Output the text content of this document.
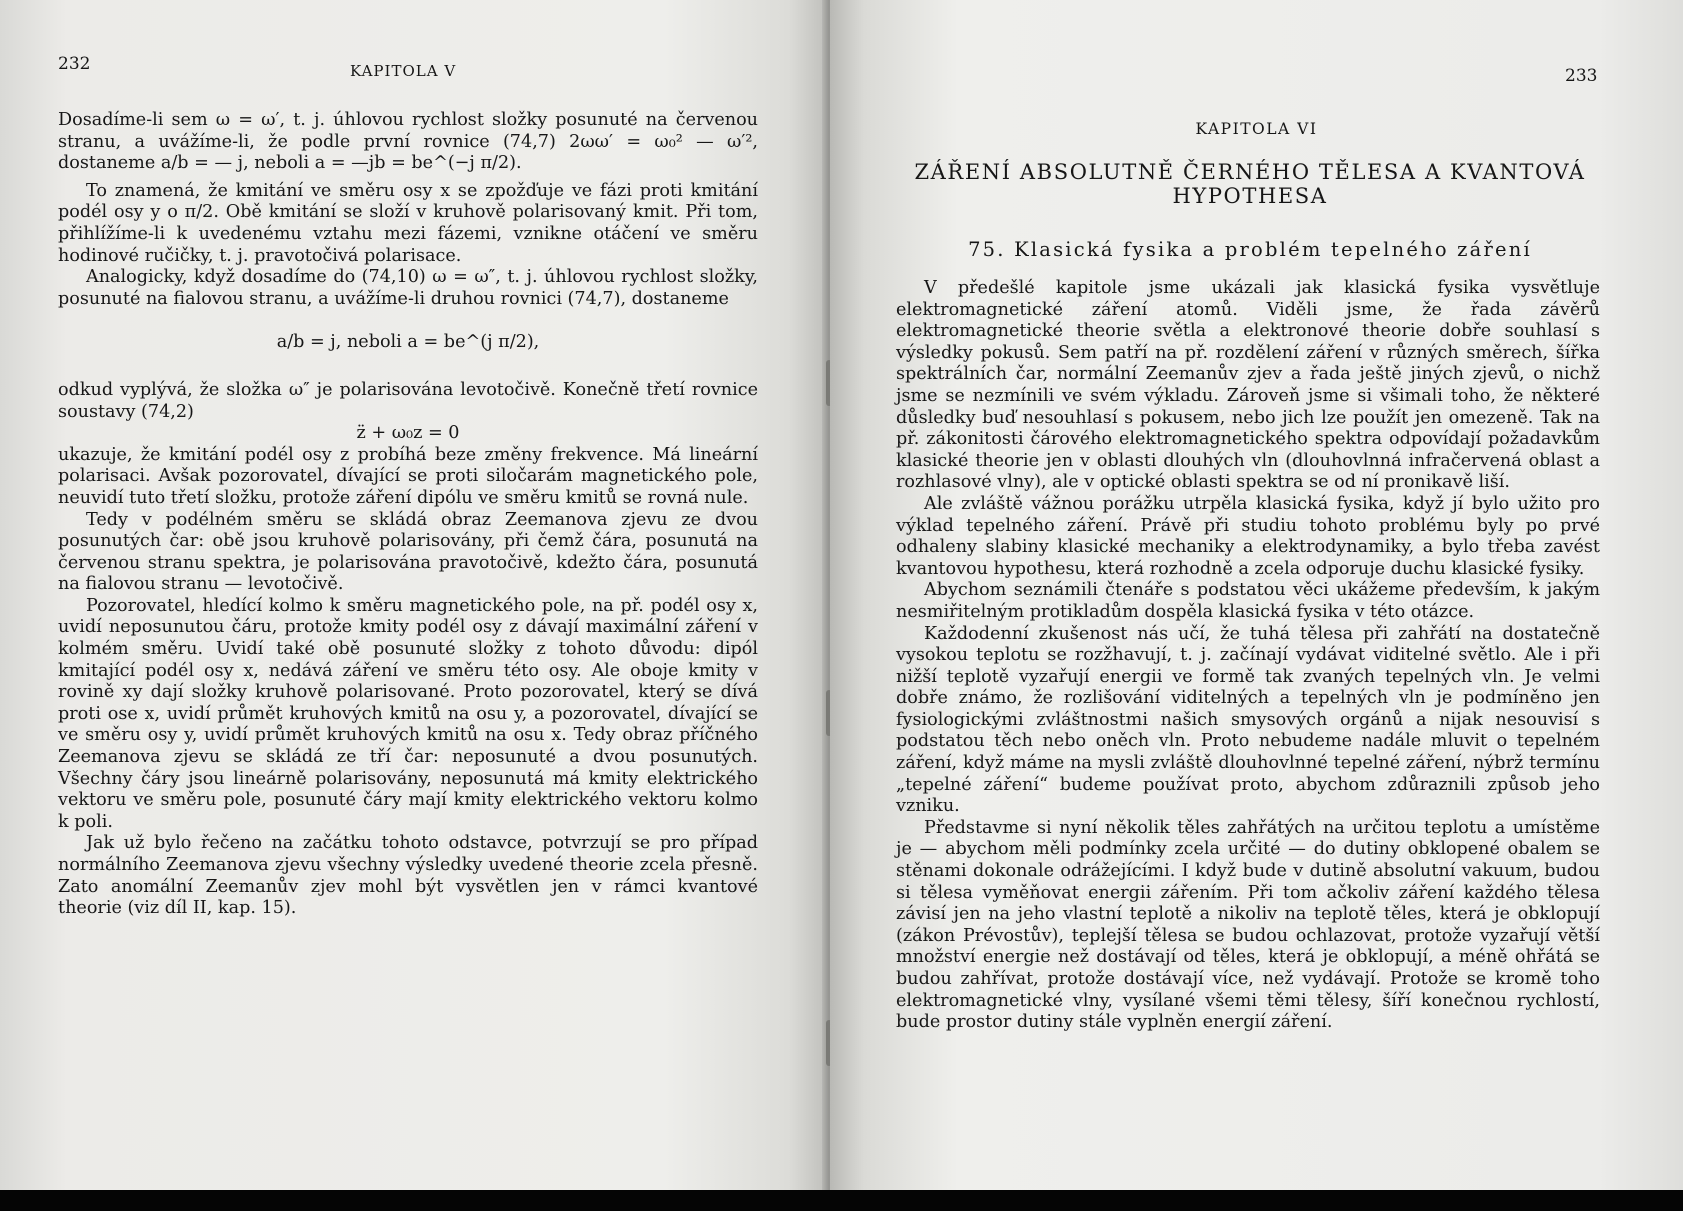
232	KAPITOLA V

Dosadíme-li sem ω = ω′, t. j. úhlovou rychlost složky posunuté na červenou stranu, a uvážíme-li, že podle první rovnice (74,7) 2ωω′ = ω₀² — ω′², dostaneme a/b = — j, neboli a = —jb = be^(−j π/2).

To znamená, že kmitání ve směru osy x se zpožďuje ve fázi proti kmitání podél osy y o π/2. Obě kmitání se složí v kruhově polarisovaný kmit. Při tom, přihlížíme-li k uvedenému vztahu mezi fázemi, vznikne otáčení ve směru hodinové ručičky, t. j. pravotočivá polarisace.

Analogicky, když dosadíme do (74,10) ω = ω″, t. j. úhlovou rychlost složky, posunuté na fialovou stranu, a uvážíme-li druhou rovnici (74,7), dostaneme

a/b = j, neboli a = be^(j π/2),

odkud vyplývá, že složka ω″ je polarisována levotočivě. Konečně třetí rovnice soustavy (74,2)

z̈ + ω₀z = 0

ukazuje, že kmitání podél osy z probíhá beze změny frekvence. Má lineární polarisaci. Avšak pozorovatel, dívající se proti siločarám magnetického pole, neuvidí tuto třetí složku, protože záření dipólu ve směru kmitů se rovná nule.

Tedy v podélném směru se skládá obraz Zeemanova zjevu ze dvou posunutých čar: obě jsou kruhově polarisovány, při čemž čára, posunutá na červenou stranu spektra, je polarisována pravotočivě, kdežto čára, posunutá na fialovou stranu — levotočivě.

Pozorovatel, hledící kolmo k směru magnetického pole, na př. podél osy x, uvidí neposunutou čáru, protože kmity podél osy z dávají maximální záření v kolmém směru. Uvidí také obě posunuté složky z tohoto důvodu: dipól kmitající podél osy x, nedává záření ve směru této osy. Ale oboje kmity v rovině xy dají složky kruhově polarisované. Proto pozorovatel, který se dívá proti ose x, uvidí průmět kruhových kmitů na osu y, a pozorovatel, dívající se ve směru osy y, uvidí průmět kruhových kmitů na osu x. Tedy obraz příčného Zeemanova zjevu se skládá ze tří čar: neposunuté a dvou posunutých. Všechny čáry jsou lineárně polarisovány, neposunutá má kmity elektrického vektoru ve směru pole, posunuté čáry mají kmity elektrického vektoru kolmo k poli.

Jak už bylo řečeno na začátku tohoto odstavce, potvrzují se pro případ normálního Zeemanova zjevu všechny výsledky uvedené theorie zcela přesně. Zato anomální Zeemanův zjev mohl být vysvětlen jen v rámci kvantové theorie (viz díl II, kap. 15).

233
KAPITOLA VI
ZÁŘENÍ ABSOLUTNĚ ČERNÉHO TĚLESA A KVANTOVÁ
HYPOTHESA
75. Klasická fysika a problém tepelného záření

V předešlé kapitole jsme ukázali jak klasická fysika vysvětluje elektromagnetické záření atomů. Viděli jsme, že řada závěrů elektromagnetické theorie světla a elektronové theorie dobře souhlasí s výsledky pokusů. Sem patří na př. rozdělení záření v různých směrech, šířka spektrálních čar, normální Zeemanův zjev a řada ještě jiných zjevů, o nichž jsme se nezmínili ve svém výkladu. Zároveň jsme si všimali toho, že některé důsledky buď nesouhlasí s pokusem, nebo jich lze použít jen omezeně. Tak na př. zákonitosti čárového elektromagnetického spektra odpovídají požadavkům klasické theorie jen v oblasti dlouhých vln (dlouhovlnná infračervená oblast a rozhlasové vlny), ale v optické oblasti spektra se od ní pronikavě liší.

Ale zvláště vážnou porážku utrpěla klasická fysika, když jí bylo užito pro výklad tepelného záření. Právě při studiu tohoto problému byly po prvé odhaleny slabiny klasické mechaniky a elektrodynamiky, a bylo třeba zavést kvantovou hypothesu, která rozhodně a zcela odporuje duchu klasické fysiky.

Abychom seznámili čtenáře s podstatou věci ukážeme především, k jakým nesmiřitelným protikladům dospěla klasická fysika v této otázce.

Každodenní zkušenost nás učí, že tuhá tělesa při zahřátí na dostatečně vysokou teplotu se rozžhavují, t. j. začínají vydávat viditelné světlo. Ale i při nižší teplotě vyzařují energii ve formě tak zvaných tepelných vln. Je velmi dobře známo, že rozlišování viditelných a tepelných vln je podmíněno jen fysiologickými zvláštnostmi našich smysových orgánů a nijak nesouvisí s podstatou těch nebo oněch vln. Proto nebudeme nadále mluvit o tepelném záření, když máme na mysli zvláště dlouhovlnné tepelné záření, nýbrž termínu „tepelné záření“ budeme používat proto, abychom zdůraznili způsob jeho vzniku.

Představme si nyní několik těles zahřátých na určitou teplotu a umístěme je — abychom měli podmínky zcela určité — do dutiny obklopené obalem se stěnami dokonale odrážejícími. I když bude v dutině absolutní vakuum, budou si tělesa vyměňovat energii zářením. Při tom ačkoliv záření každého tělesa závisí jen na jeho vlastní teplotě a nikoliv na teplotě těles, která je obklopují (zákon Prévostův), teplejší tělesa se budou ochlazovat, protože vyzařují větší množství energie než dostávají od těles, která je obklopují, a méně ohřátá se budou zahřívat, protože dostávají více, než vydávají. Protože se kromě toho elektromagnetické vlny, vysílané všemi těmi tělesy, šíří konečnou rychlostí, bude prostor dutiny stále vyplněn energií záření.
